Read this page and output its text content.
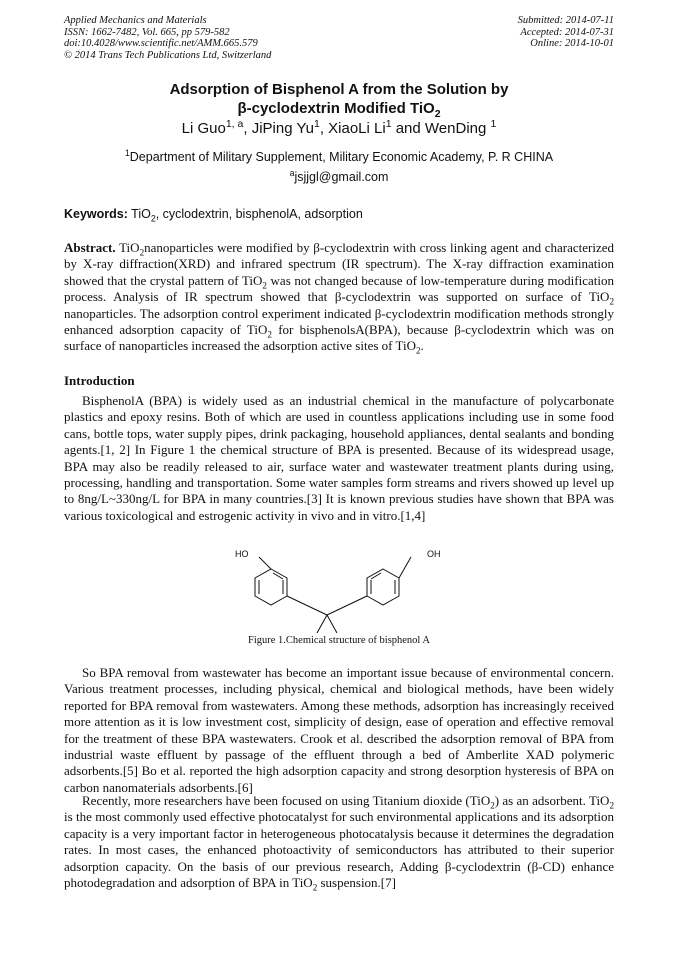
Applied Mechanics and Materials
ISSN: 1662-7482, Vol. 665, pp 579-582
doi:10.4028/www.scientific.net/AMM.665.579
© 2014 Trans Tech Publications Ltd, Switzerland
Submitted: 2014-07-11
Accepted: 2014-07-31
Online: 2014-10-01
Adsorption of Bisphenol A from the Solution by
β-cyclodextrin Modified TiO$_2$
Li Guo$^{1, a}$, JiPing Yu$^1$, XiaoLi Li$^1$ and WenDing $^1$
$^1$Department of Military Supplement, Military Economic Academy, P. R CHINA
$^a$jsjjgl@gmail.com
Keywords: TiO$_2$, cyclodextrin, bisphenolA, adsorption
Abstract. TiO$_2$nanoparticles were modified by β-cyclodextrin with cross linking agent and characterized by X-ray diffraction(XRD) and infrared spectrum (IR spectrum). The X-ray diffraction examination showed that the crystal pattern of TiO$_2$ was not changed because of low-temperature during modification process. Analysis of IR spectrum showed that β-cyclodextrin was supported on surface of TiO$_2$ nanoparticles. The adsorption control experiment indicated β-cyclodextrin modification methods strongly enhanced adsorption capacity of TiO$_2$ for bisphenolsA(BPA), because β-cyclodextrin which was on surface of nanoparticles increased the adsorption active sites of TiO$_2$.
Introduction
BisphenolA (BPA) is widely used as an industrial chemical in the manufacture of polycarbonate plastics and epoxy resins. Both of which are used in countless applications including use in some food cans, bottle tops, water supply pipes, drink packaging, household appliances, dental sealants and bonding agents.[1, 2] In Figure 1 the chemical structure of BPA is presented. Because of its widespread usage, BPA may also be readily released to air, surface water and wastewater treatment plants during using, processing, handling and transportation. Some water samples form streams and rivers showed up level up to 8ng/L~330ng/L for BPA in many countries.[3] It is known previous studies have shown that BPA was various toxicological and estrogenic activity in vivo and in vitro.[1,4]
HO	OH
Figure 1.Chemical structure of bisphenol A
So BPA removal from wastewater has become an important issue because of environmental concern. Various treatment processes, including physical, chemical and biological methods, have been widely reported for BPA removal from wastewaters. Among these methods, adsorption has increasingly received more attention as it is low investment cost, simplicity of design, ease of operation and effective removal for the treatment of these BPA wastewaters. Crook et al. described the adsorption removal of BPA from industrial waste effluent by passage of the effluent through a bed of Amberlite XAD polymeric adsorbents.[5] Bo et al. reported the high adsorption capacity and strong desorption hysteresis of BPA on carbon nanomaterials adsorbents.[6]
Recently, more researchers have been focused on using Titanium dioxide (TiO$_2$) as an adsorbent. TiO$_2$ is the most commonly used effective photocatalyst for such environmental applications and its adsorption capacity is a very important factor in heterogeneous photocatalysis because it determines the degradation rates. In most cases, the enhanced photoactivity of semiconductors has attributed to their superior adsorption capacity. On the basis of our previous research, Adding β-cyclodextrin (β-CD) enhance photodegradation and adsorption of BPA in TiO$_2$ suspension.[7]
